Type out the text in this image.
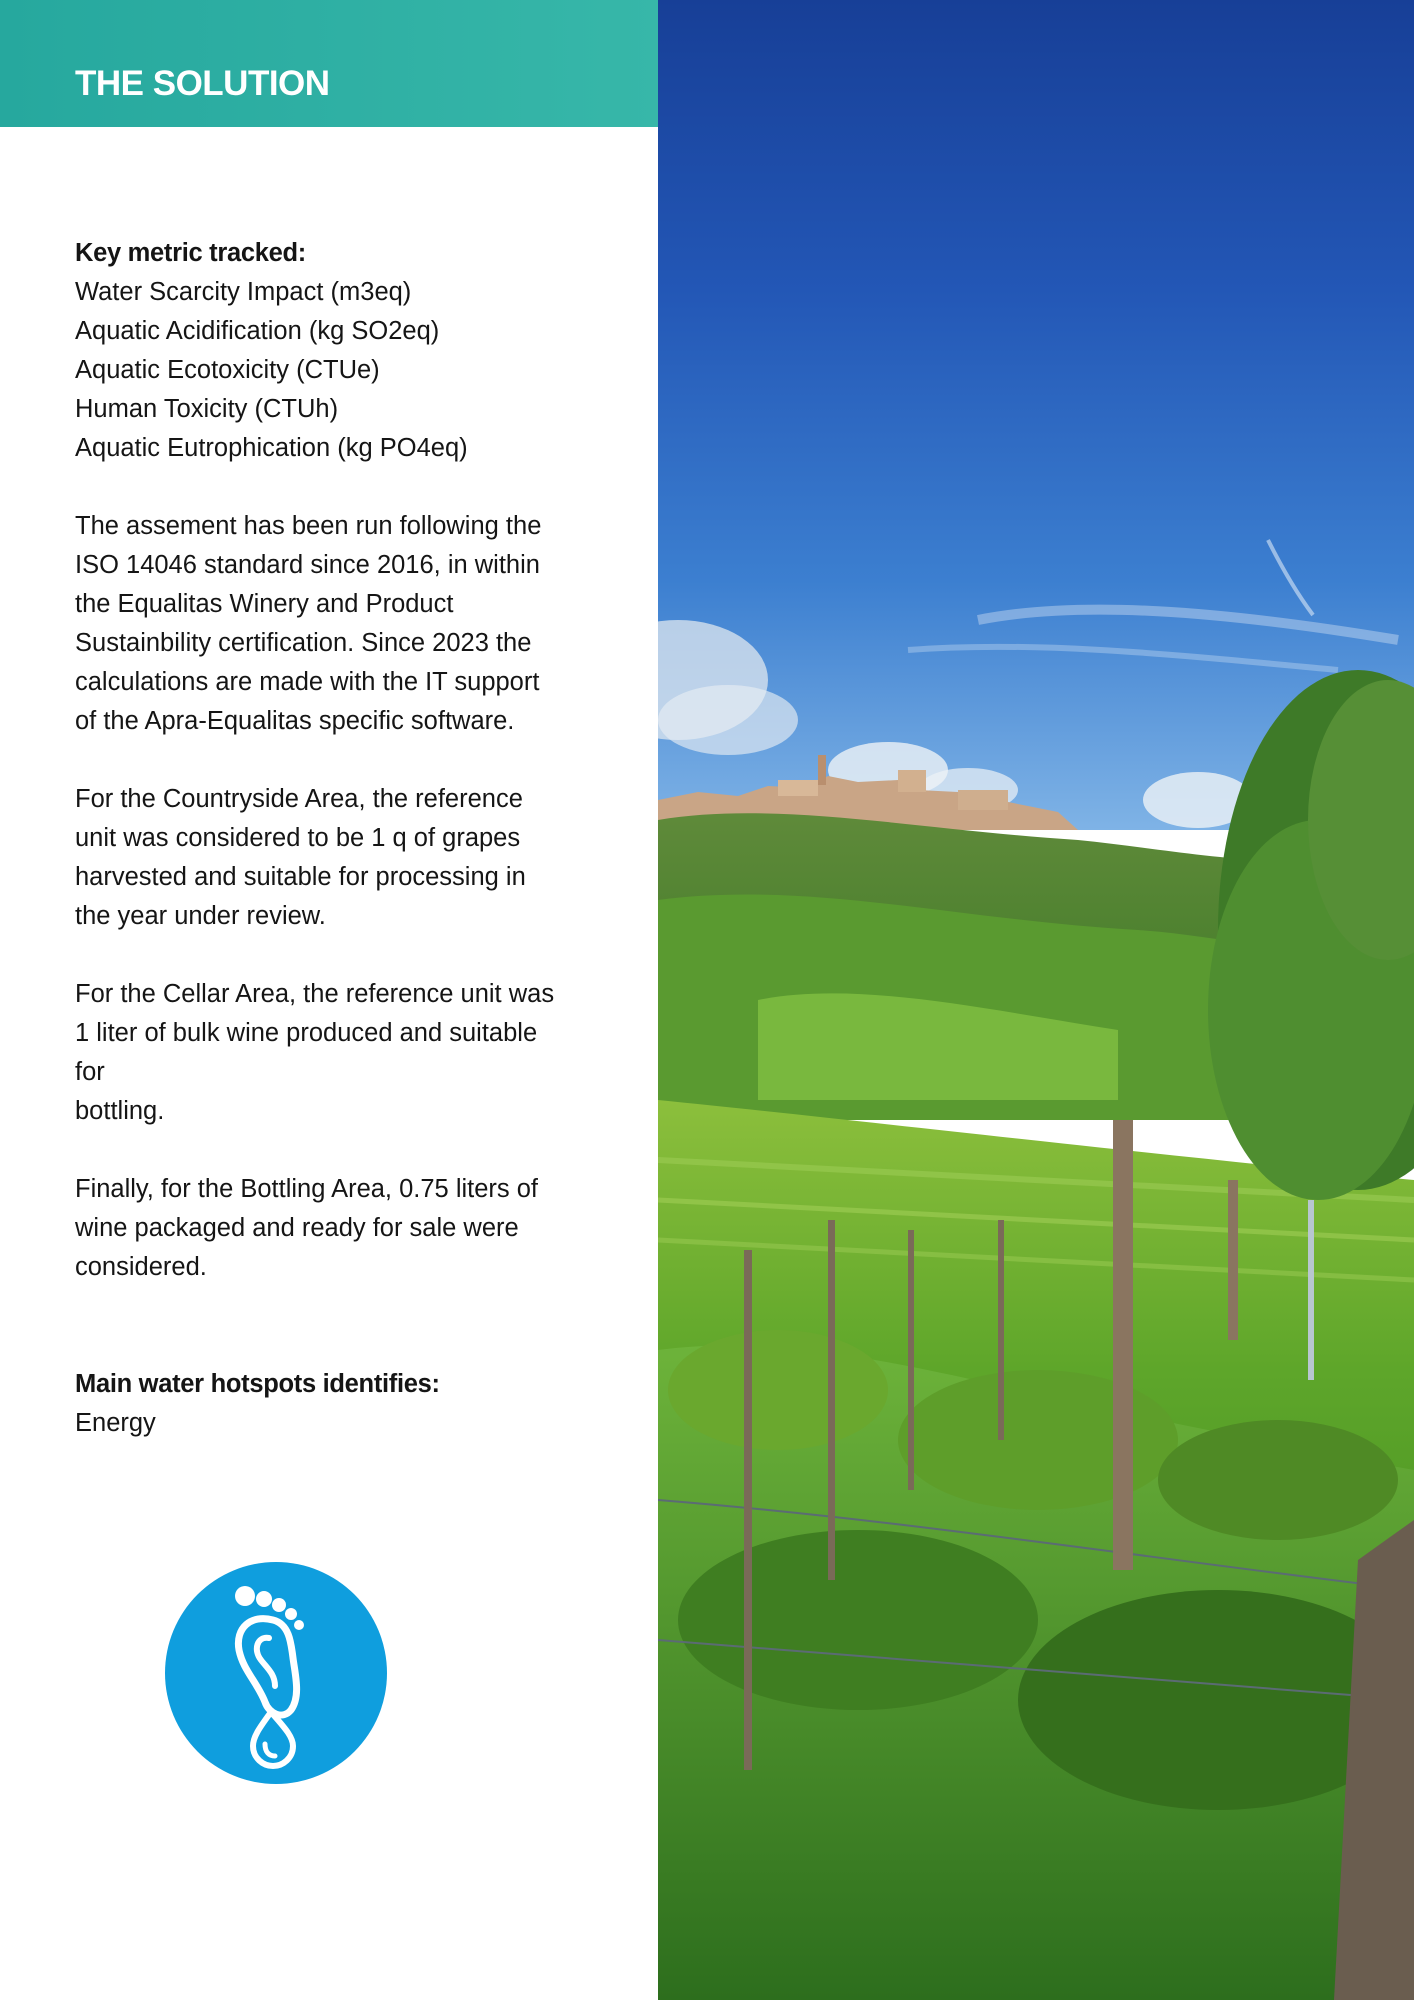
THE SOLUTION
Key metric tracked:
Water Scarcity Impact (m3eq)
Aquatic Acidification (kg SO2eq)
Aquatic Ecotoxicity (CTUe)
Human Toxicity (CTUh)
Aquatic Eutrophication (kg PO4eq)
The assement has been run following the
ISO 14046 standard since 2016, in within
the Equalitas Winery and Product
Sustainbility certification. Since 2023 the
calculations are made with the IT support
of the Apra-Equalitas specific software.
For the Countryside Area, the reference
unit was considered to be 1 q of grapes
harvested and suitable for processing in
the year under review.
For the Cellar Area, the reference unit was
1 liter of bulk wine produced and suitable
for
bottling.
Finally, for the Bottling Area, 0.75 liters of
wine packaged and ready for sale were
considered.
Main water hotspots identifies:
Energy
